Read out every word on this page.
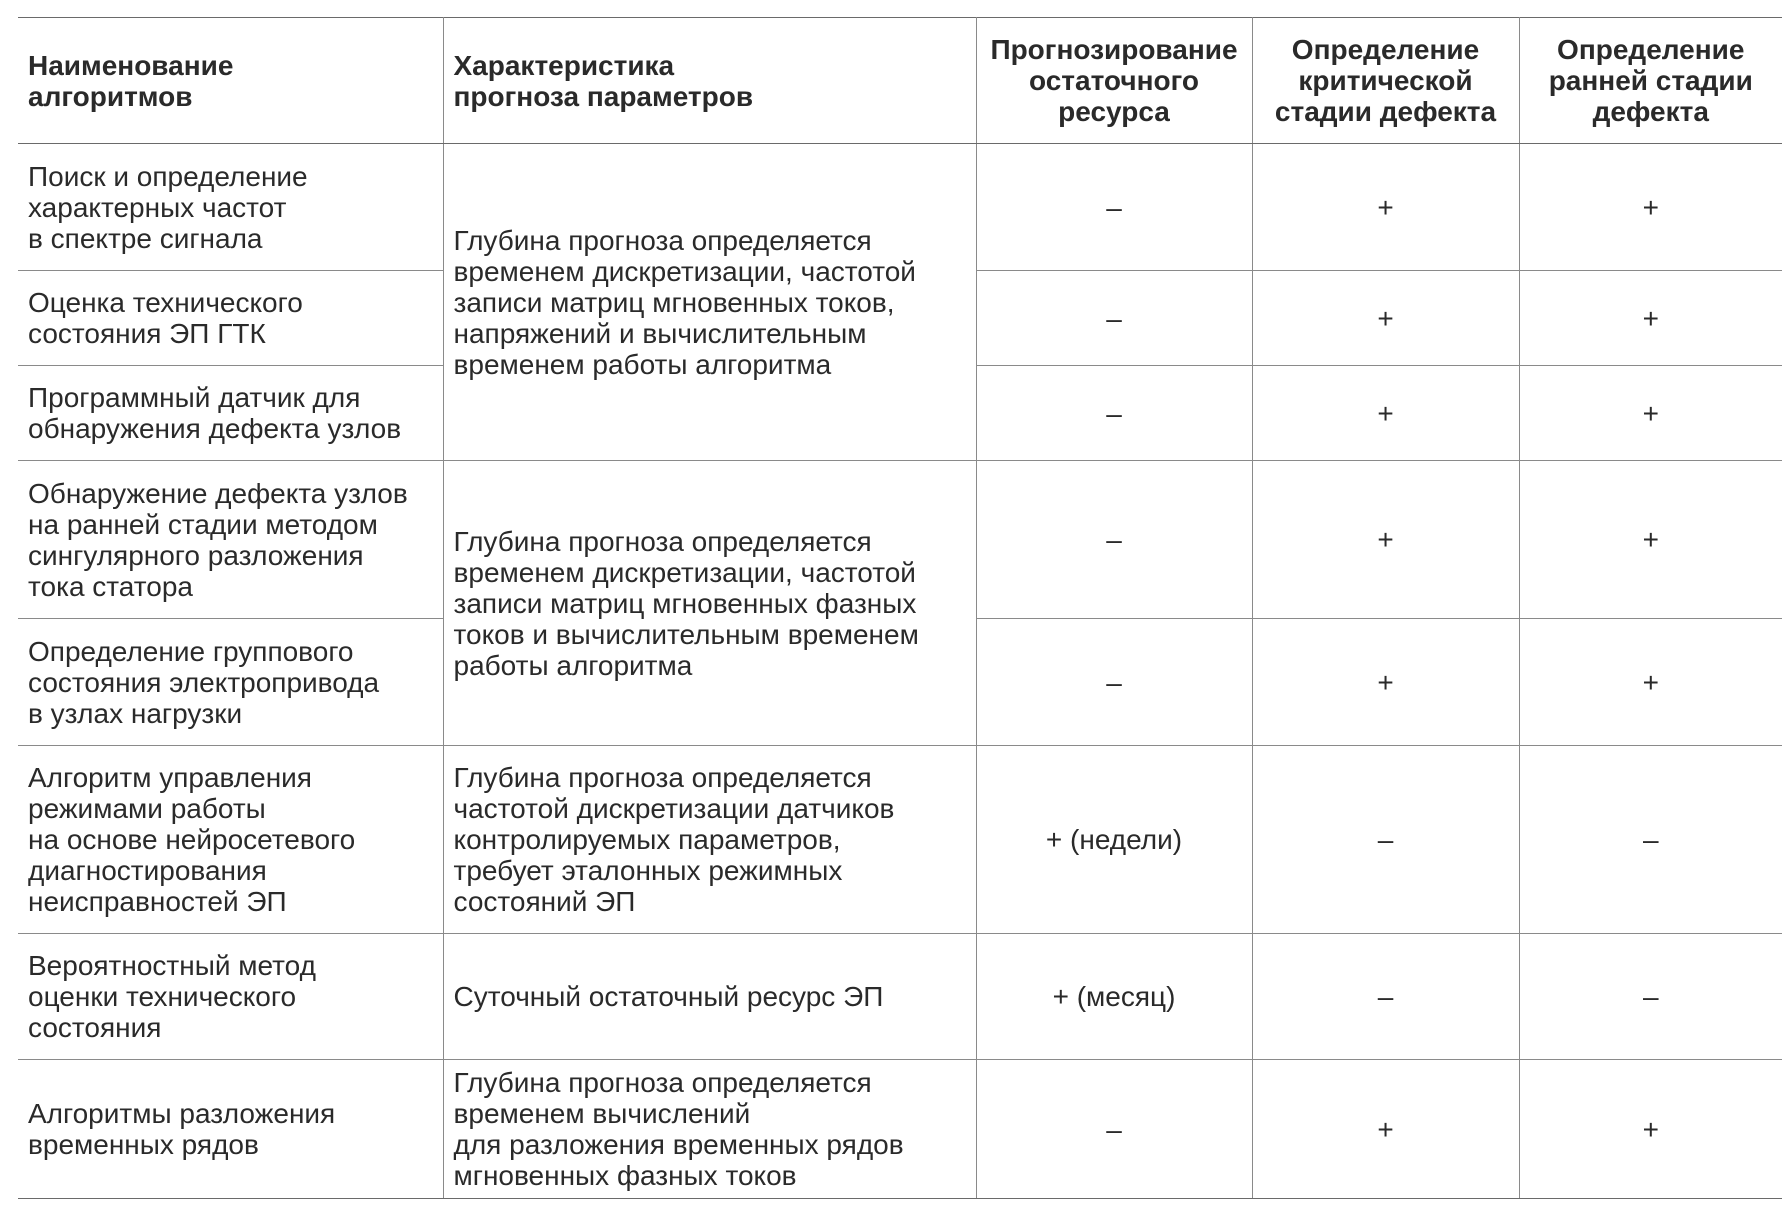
Наименование
алгоритмов	Характеристика
прогноза параметров	Прогнозирование
остаточного
ресурса	Определение
критической
стадии дефекта	Определение
ранней стадии
дефекта

Поиск и определение
характерных частот
в спектре сигнала	Глубина прогноза определяется
временем дискретизации, частотой
записи матриц мгновенных токов,
напряжений и вычислительным
временем работы алгоритма	–	+	+

Оценка технического
состояния ЭП ГТК		–	+	+

Программный датчик для
обнаружения дефекта узлов		–	+	+

Обнаружение дефекта узлов
на ранней стадии методом
сингулярного разложения
тока статора	Глубина прогноза определяется
временем дискретизации, частотой
записи матриц мгновенных фазных
токов и вычислительным временем
работы алгоритма	–	+	+

Определение группового
состояния электропривода
в узлах нагрузки		–	+	+

Алгоритм управления
режимами работы
на основе нейросетевого
диагностирования
неисправностей ЭП	Глубина прогноза определяется
частотой дискретизации датчиков
контролируемых параметров,
требует эталонных режимных
состояний ЭП	+ (недели)	–	–

Вероятностный метод
оценки технического
состояния	Суточный остаточный ресурс ЭП	+ (месяц)	–	–

Алгоритмы разложения
временных рядов	Глубина прогноза определяется
временем вычислений
для разложения временных рядов
мгновенных фазных токов	–	+	+
